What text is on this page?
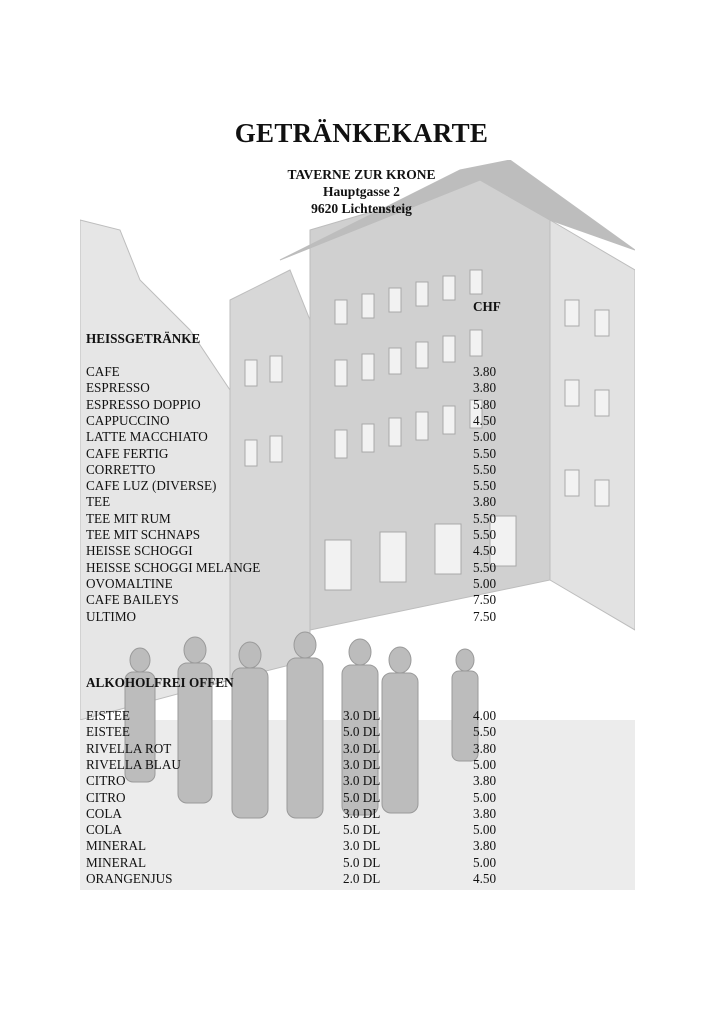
GETRÄNKEKARTE
TAVERNE ZUR KRONE
Hauptgasse 2
9620 Lichtensteig
CHF
HEISSGETRÄNKE
CAFE	3.80
ESPRESSO	3.80
ESPRESSO DOPPIO	5.80
CAPPUCCINO	4.50
LATTE MACCHIATO	5.00
CAFE FERTIG	5.50
CORRETTO	5.50
CAFE LUZ (DIVERSE)	5.50
TEE	3.80
TEE MIT RUM	5.50
TEE MIT SCHNAPS	5.50
HEISSE SCHOGGI	4.50
HEISSE SCHOGGI MELANGE	5.50
OVOMALTINE	5.00
CAFE BAILEYS	7.50
ULTIMO	7.50
ALKOHOLFREI OFFEN
EISTEE	3.0 DL	4.00
EISTEE	5.0 DL	5.50
RIVELLA ROT	3.0 DL	3.80
RIVELLA BLAU	3.0 DL	5.00
CITRO	3.0 DL	3.80
CITRO	5.0 DL	5.00
COLA	3.0 DL	3.80
COLA	5.0 DL	5.00
MINERAL	3.0 DL	3.80
MINERAL	5.0 DL	5.00
ORANGENJUS	2.0 DL	4.50
